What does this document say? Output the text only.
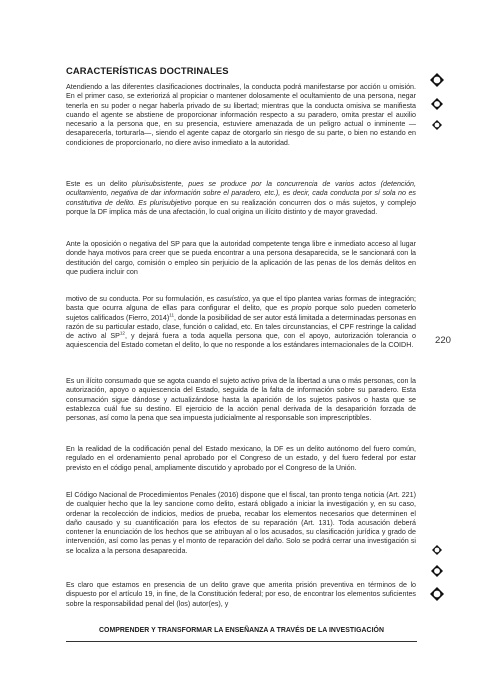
CARACTERÍSTICAS DOCTRINALES

Atendiendo a las diferentes clasificaciones doctrinales, la conducta podrá manifestarse por acción u omisión. En el primer caso, se exteriorizá al propiciar o mantener dolosamente el ocultamiento de una persona, negar tenerla en su poder o negar haberla privado de su libertad; mientras que la conducta omisiva se manifiesta cuando el agente se abstiene de proporcionar información respecto a su paradero, omita prestar el auxilio necesario a la persona que, en su presencia, estuviere amenazada de un peligro actual o inminente — desaparecerla, torturarla—, siendo el agente capaz de otorgarlo sin riesgo de su parte, o bien no estando en condiciones de proporcionarlo, no diere aviso inmediato a la autoridad.

Este es un delito plurisubsistente, pues se produce por la concurrencia de varios actos (detención, ocultamiento, negativa de dar información sobre el paradero, etc.), es decir, cada conducta por sí sola no es constitutiva de delito. Es plurisubjetivo porque en su realización concurren dos o más sujetos, y complejo porque la DF implica más de una afectación, lo cual origina un ilícito distinto y de mayor gravedad.

Ante la oposición o negativa del SP para que la autoridad competente tenga libre e inmediato acceso al lugar donde haya motivos para creer que se pueda encontrar a una persona desaparecida, se le sancionará con la destitución del cargo, comisión o empleo sin perjuicio de la aplicación de las penas de los demás delitos en que pudiera incluir con

motivo de su conducta. Por su formulación, es casuístico, ya que el tipo plantea varias formas de integración; basta que ocurra alguna de ellas para configurar el delito, que es propio porque solo pueden cometerlo sujetos calificados (Fierro, 2014)$^{11}$, donde la posibilidad de ser autor está limitada a determinadas personas en razón de su particular estado, clase, función o calidad, etc. En tales circunstancias, el CPF restringe la calidad de activo al SP$^{12}$, y dejará fuera a toda aquella persona que, con el apoyo, autorización tolerancia o aquiescencia del Estado cometan el delito, lo que no responde a los estándares internacionales de la COIDH.

Es un ilícito consumado que se agota cuando el sujeto activo priva de la libertad a una o más personas, con la autorización, apoyo o aquiescencia del Estado, seguida de la falta de información sobre su paradero. Esta consumación sigue dándose y actualizándose hasta la aparición de los sujetos pasivos o hasta que se establezca cuál fue su destino. El ejercicio de la acción penal derivada de la desaparición forzada de personas, así como la pena que sea impuesta judicialmente al responsable son imprescriptibles.

En la realidad de la codificación penal del Estado mexicano, la DF es un delito autónomo del fuero común, regulado en el ordenamiento penal aprobado por el Congreso de un estado, y del fuero federal por estar previsto en el código penal, ampliamente discutido y aprobado por el Congreso de la Unión.

El Código Nacional de Procedimientos Penales (2016) dispone que el fiscal, tan pronto tenga noticia (Art. 221) de cualquier hecho que la ley sancione como delito, estará obligado a iniciar la investigación y, en su caso, ordenar la recolección de indicios, medios de prueba, recabar los elementos necesarios que determinen el daño causado y su cuantificación para los efectos de su reparación (Art. 131). Toda acusación deberá contener la enunciación de los hechos que se atribuyan al o los acusados, su clasificación jurídica y grado de intervención, así como las penas y el monto de reparación del daño. Solo se podrá cerrar una investigación si se localiza a la persona desaparecida.

Es claro que estamos en presencia de un delito grave que amerita prisión preventiva en términos de lo dispuesto por el artículo 19, in fine, de la Constitución federal; por eso, de encontrar los elementos suficientes sobre la responsabilidad penal del (los) autor(es), y

220
COMPRENDER Y TRANSFORMAR LA ENSEÑANZA A TRAVÉS DE LA INVESTIGACIÓN
